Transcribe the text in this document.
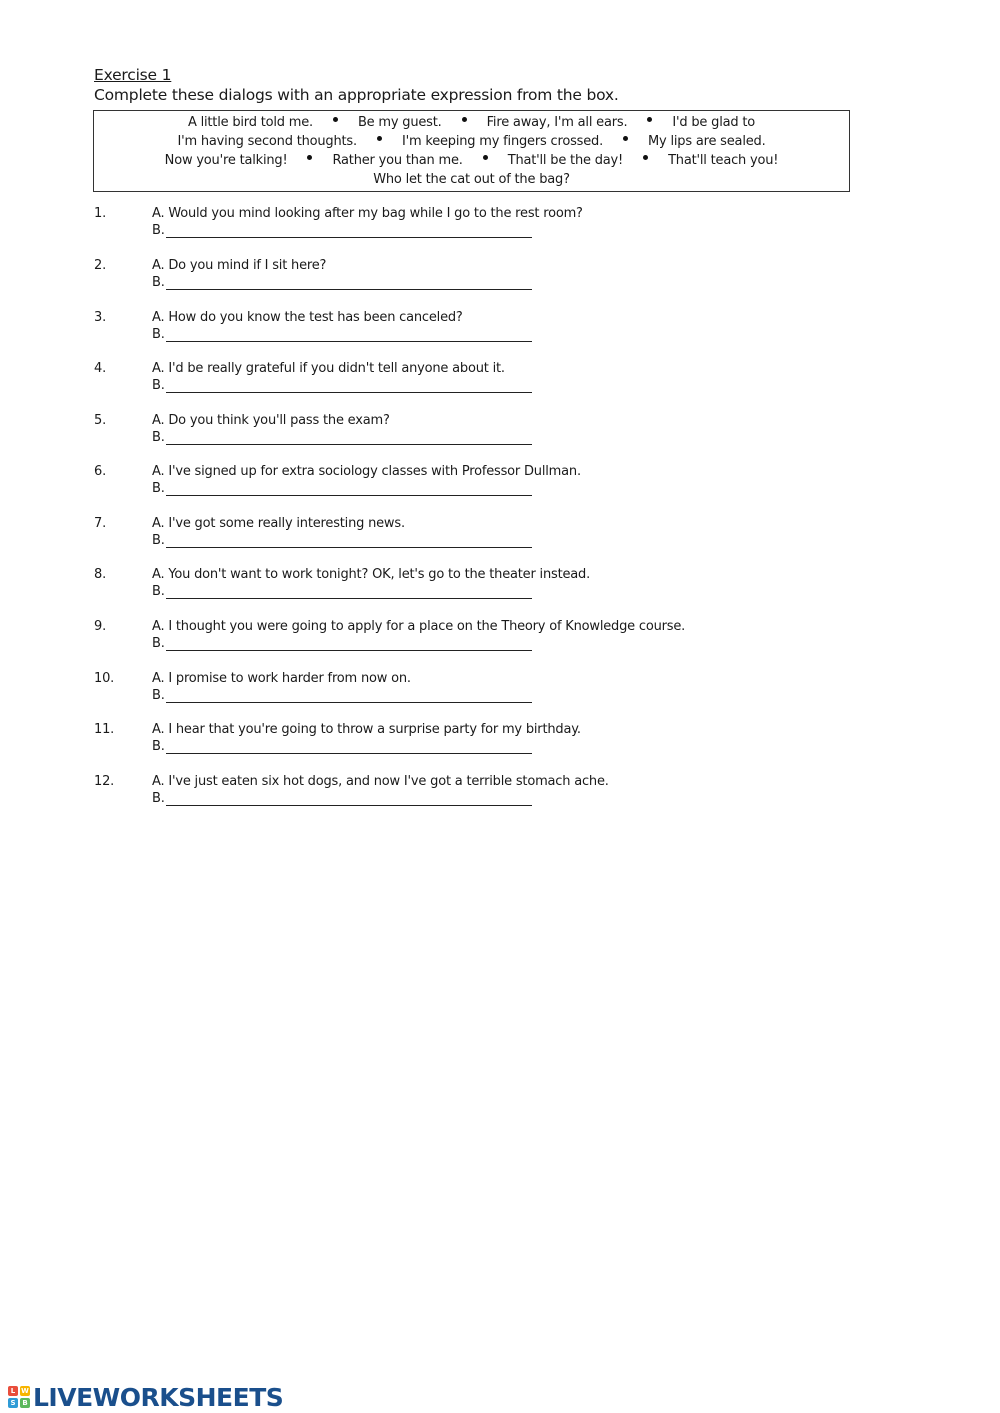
Exercise 1
Complete these dialogs with an appropriate expression from the box.
A little bird told me.	Be my guest.	Fire away, I'm all ears.	I'd be glad to
I'm having second thoughts.	I'm keeping my fingers crossed.	My lips are sealed.
Now you're talking!	Rather you than me.	That'll be the day!	That'll teach you!
Who let the cat out of the bag?
1.	A. Would you mind looking after my bag while I go to the rest room?
B.
2.	A. Do you mind if I sit here?
B.
3.	A. How do you know the test has been canceled?
B.
4.	A. I'd be really grateful if you didn't tell anyone about it.
B.
5.	A. Do you think you'll pass the exam?
B.
6.	A. I've signed up for extra sociology classes with Professor Dullman.
B.
7.	A. I've got some really interesting news.
B.
8.	A. You don't want to work tonight? OK, let's go to the theater instead.
B.
9.	A. I thought you were going to apply for a place on the Theory of Knowledge course.
B.
10.	A. I promise to work harder from now on.
B.
11.	A. I hear that you're going to throw a surprise party for my birthday.
B.
12.	A. I've just eaten six hot dogs, and now I've got a terrible stomach ache.
B.
L W
S B LIVEWORKSHEETS
